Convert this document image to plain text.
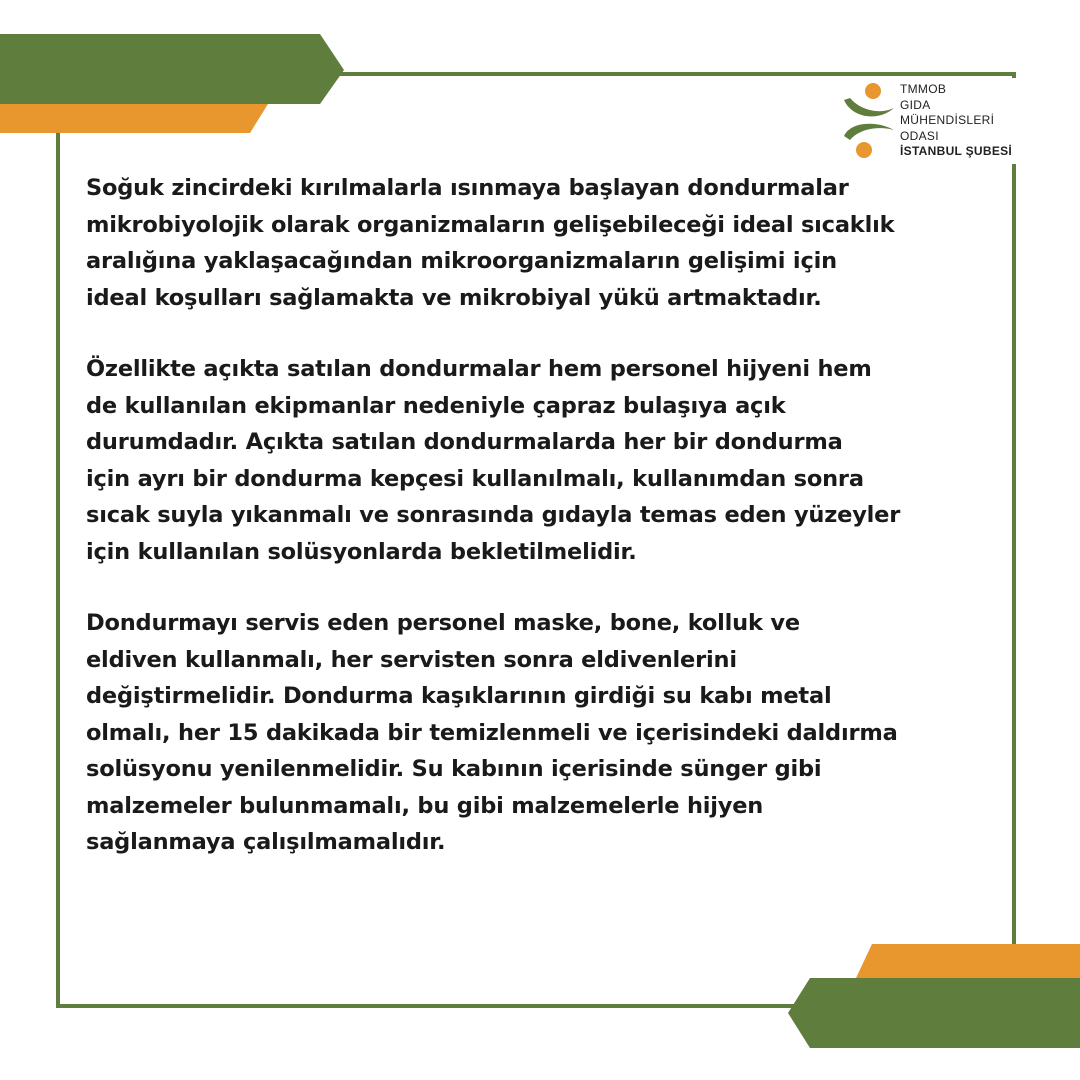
TMMOB
GIDA
MÜHENDİSLERİ
ODASI
İSTANBUL ŞUBESİ

Soğuk zincirdeki kırılmalarla ısınmaya başlayan dondurmalar
mikrobiyolojik olarak organizmaların gelişebileceği ideal sıcaklık
aralığına yaklaşacağından mikroorganizmaların gelişimi için
ideal koşulları sağlamakta ve mikrobiyal yükü artmaktadır.

Özellikte açıkta satılan dondurmalar hem personel hijyeni hem
de kullanılan ekipmanlar nedeniyle çapraz bulaşıya açık
durumdadır. Açıkta satılan dondurmalarda her bir dondurma
için ayrı bir dondurma kepçesi kullanılmalı, kullanımdan sonra
sıcak suyla yıkanmalı ve sonrasında gıdayla temas eden yüzeyler
için kullanılan solüsyonlarda bekletilmelidir.

Dondurmayı servis eden personel maske, bone, kolluk ve
eldiven kullanmalı, her servisten sonra eldivenlerini
değiştirmelidir. Dondurma kaşıklarının girdiği su kabı metal
olmalı, her 15 dakikada bir temizlenmeli ve içerisindeki daldırma
solüsyonu yenilenmelidir. Su kabının içerisinde sünger gibi
malzemeler bulunmamalı, bu gibi malzemelerle hijyen
sağlanmaya çalışılmamalıdır.
